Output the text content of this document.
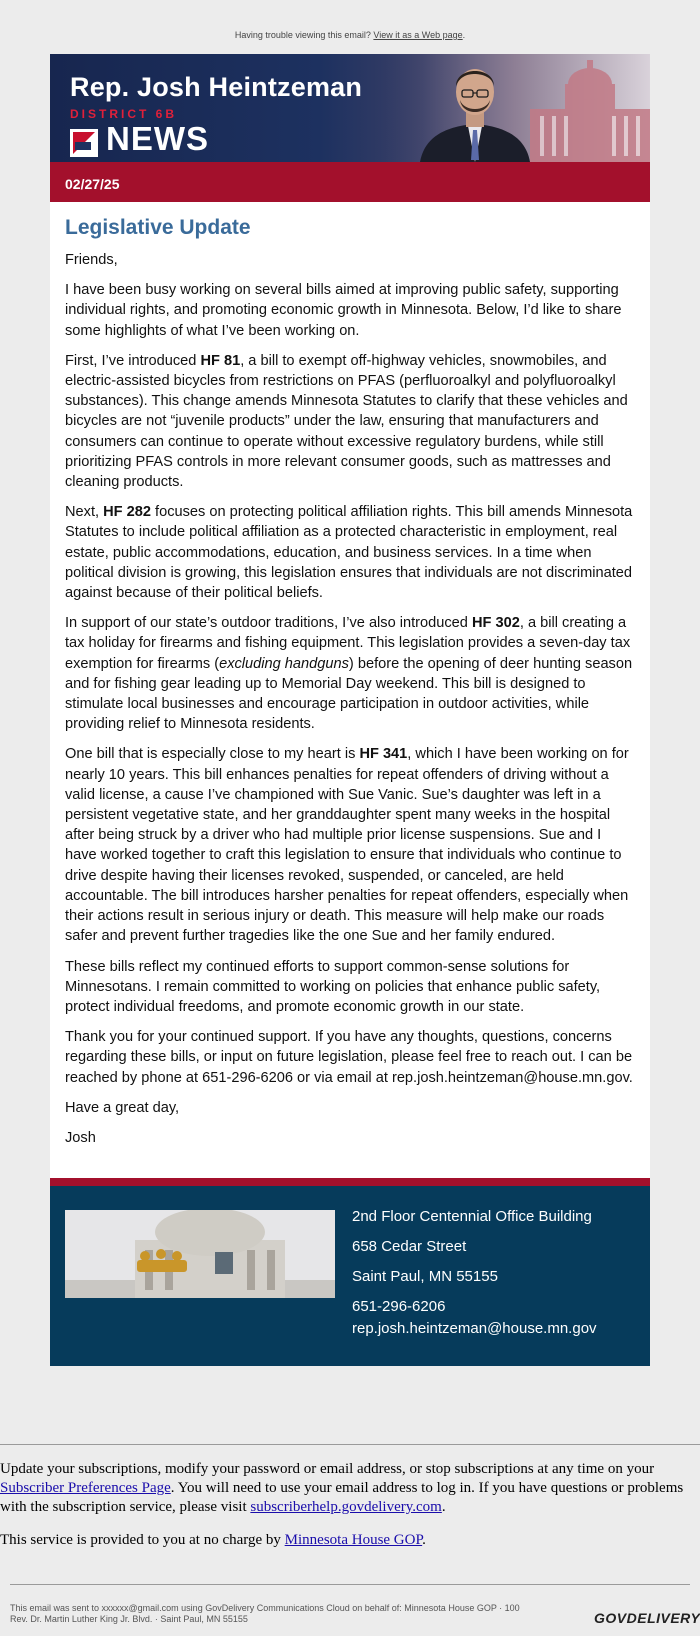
Having trouble viewing this email? View it as a Web page.
Rep. Josh Heintzeman
DISTRICT 6B
NEWS
02/27/25
Legislative Update

Friends,

I have been busy working on several bills aimed at improving public safety, supporting individual rights, and promoting economic growth in Minnesota. Below, I’d like to share some highlights of what I’ve been working on.

First, I’ve introduced HF 81, a bill to exempt off-highway vehicles, snowmobiles, and electric-assisted bicycles from restrictions on PFAS (perfluoroalkyl and polyfluoroalkyl substances). This change amends Minnesota Statutes to clarify that these vehicles and bicycles are not “juvenile products” under the law, ensuring that manufacturers and consumers can continue to operate without excessive regulatory burdens, while still prioritizing PFAS controls in more relevant consumer goods, such as mattresses and cleaning products.

Next, HF 282 focuses on protecting political affiliation rights. This bill amends Minnesota Statutes to include political affiliation as a protected characteristic in employment, real estate, public accommodations, education, and business services. In a time when political division is growing, this legislation ensures that individuals are not discriminated against because of their political beliefs.

In support of our state’s outdoor traditions, I’ve also introduced HF 302, a bill creating a tax holiday for firearms and fishing equipment. This legislation provides a seven-day tax exemption for firearms (excluding handguns) before the opening of deer hunting season and for fishing gear leading up to Memorial Day weekend. This bill is designed to stimulate local businesses and encourage participation in outdoor activities, while providing relief to Minnesota residents.

One bill that is especially close to my heart is HF 341, which I have been working on for nearly 10 years. This bill enhances penalties for repeat offenders of driving without a valid license, a cause I’ve championed with Sue Vanic. Sue’s daughter was left in a persistent vegetative state, and her granddaughter spent many weeks in the hospital after being struck by a driver who had multiple prior license suspensions. Sue and I have worked together to craft this legislation to ensure that individuals who continue to drive despite having their licenses revoked, suspended, or canceled, are held accountable. The bill introduces harsher penalties for repeat offenders, especially when their actions result in serious injury or death. This measure will help make our roads safer and prevent further tragedies like the one Sue and her family endured.

These bills reflect my continued efforts to support common-sense solutions for Minnesotans. I remain committed to working on policies that enhance public safety, protect individual freedoms, and promote economic growth in our state.

Thank you for your continued support. If you have any thoughts, questions, concerns regarding these bills, or input on future legislation, please feel free to reach out. I can be reached by phone at 651-296-6206 or via email at rep.josh.heintzeman@house.mn.gov.

Have a great day,

Josh

2nd Floor Centennial Office Building
658 Cedar Street
Saint Paul, MN 55155
651-296-6206
rep.josh.heintzeman@house.mn.gov

Update your subscriptions, modify your password or email address, or stop subscriptions at any time on your Subscriber Preferences Page. You will need to use your email address to log in. If you have questions or problems with the subscription service, please visit subscriberhelp.govdelivery.com.

This service is provided to you at no charge by Minnesota House GOP.

This email was sent to xxxxxx@gmail.com using GovDelivery Communications Cloud on behalf of: Minnesota House GOP · 100
Rev. Dr. Martin Luther King Jr. Blvd. · Saint Paul, MN 55155	GOVDELIVERY
